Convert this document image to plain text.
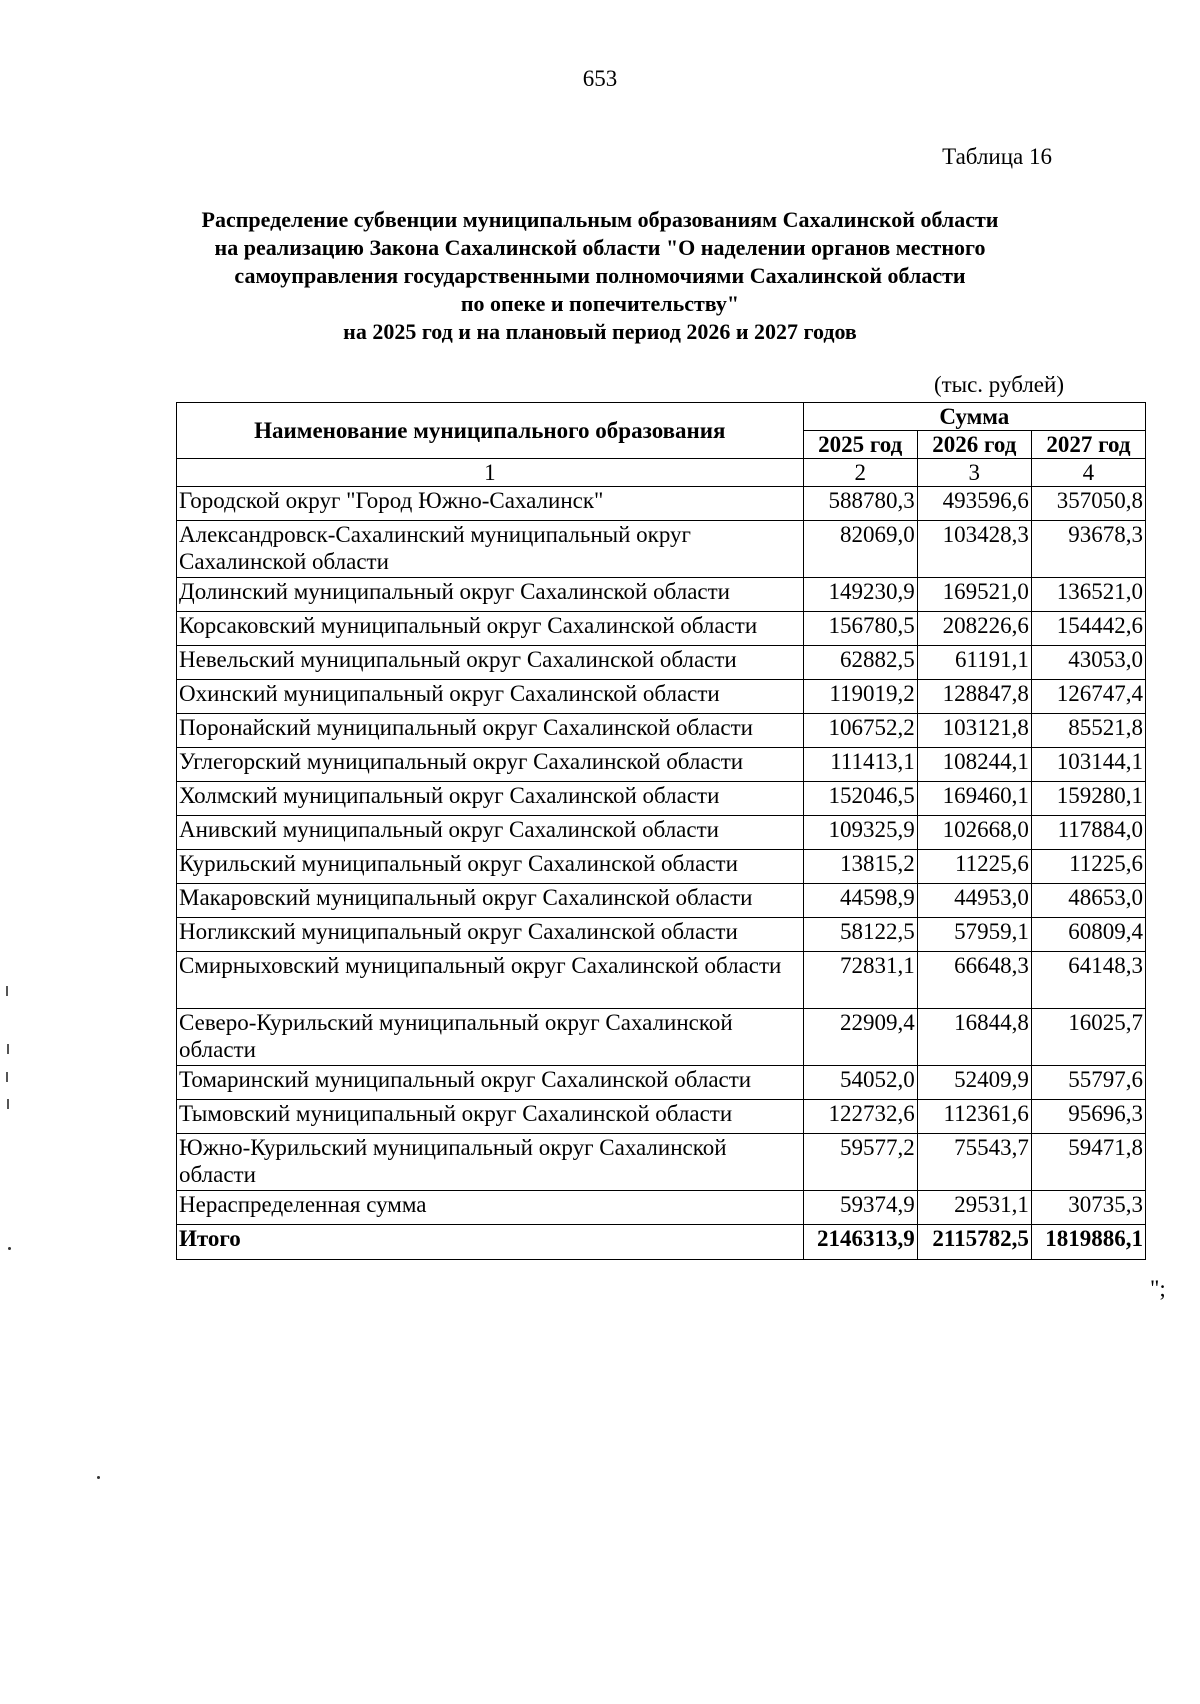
653
Таблица 16
Распределение субвенции муниципальным образованиям Сахалинской области
на реализацию Закона Сахалинской области "О наделении органов местного
самоуправления государственными полномочиями Сахалинской области
по опеке и попечительству"
на 2025 год и на плановый период 2026 и 2027 годов
(тыс. рублей)
Наименование муниципального образования	Сумма		
	2025 год	2026 год	2027 год
1	2	3	4
Городской округ "Город Южно-Сахалинск"	588780,3	493596,6	357050,8
Александровск-Сахалинский муниципальный округ Сахалинской области	82069,0	103428,3	93678,3
Долинский муниципальный округ Сахалинской области	149230,9	169521,0	136521,0
Корсаковский муниципальный округ Сахалинской области	156780,5	208226,6	154442,6
Невельский муниципальный округ Сахалинской области	62882,5	61191,1	43053,0
Охинский муниципальный округ Сахалинской области	119019,2	128847,8	126747,4
Поронайский муниципальный округ Сахалинской области	106752,2	103121,8	85521,8
Углегорский муниципальный округ Сахалинской области	111413,1	108244,1	103144,1
Холмский муниципальный округ Сахалинской области	152046,5	169460,1	159280,1
Анивский муниципальный округ Сахалинской области	109325,9	102668,0	117884,0
Курильский муниципальный округ Сахалинской области	13815,2	11225,6	11225,6
Макаровский муниципальный округ Сахалинской области	44598,9	44953,0	48653,0
Ногликский муниципальный округ Сахалинской области	58122,5	57959,1	60809,4
Смирныховский муниципальный округ Сахалинской области	72831,1	66648,3	64148,3
Северо-Курильский муниципальный округ Сахалинской области	22909,4	16844,8	16025,7
Томаринский муниципальный округ Сахалинской области	54052,0	52409,9	55797,6
Тымовский муниципальный округ Сахалинской области	122732,6	112361,6	95696,3
Южно-Курильский муниципальный округ Сахалинской области	59577,2	75543,7	59471,8
Нераспределенная сумма	59374,9	29531,1	30735,3
Итого	2146313,9	2115782,5	1819886,1
";
